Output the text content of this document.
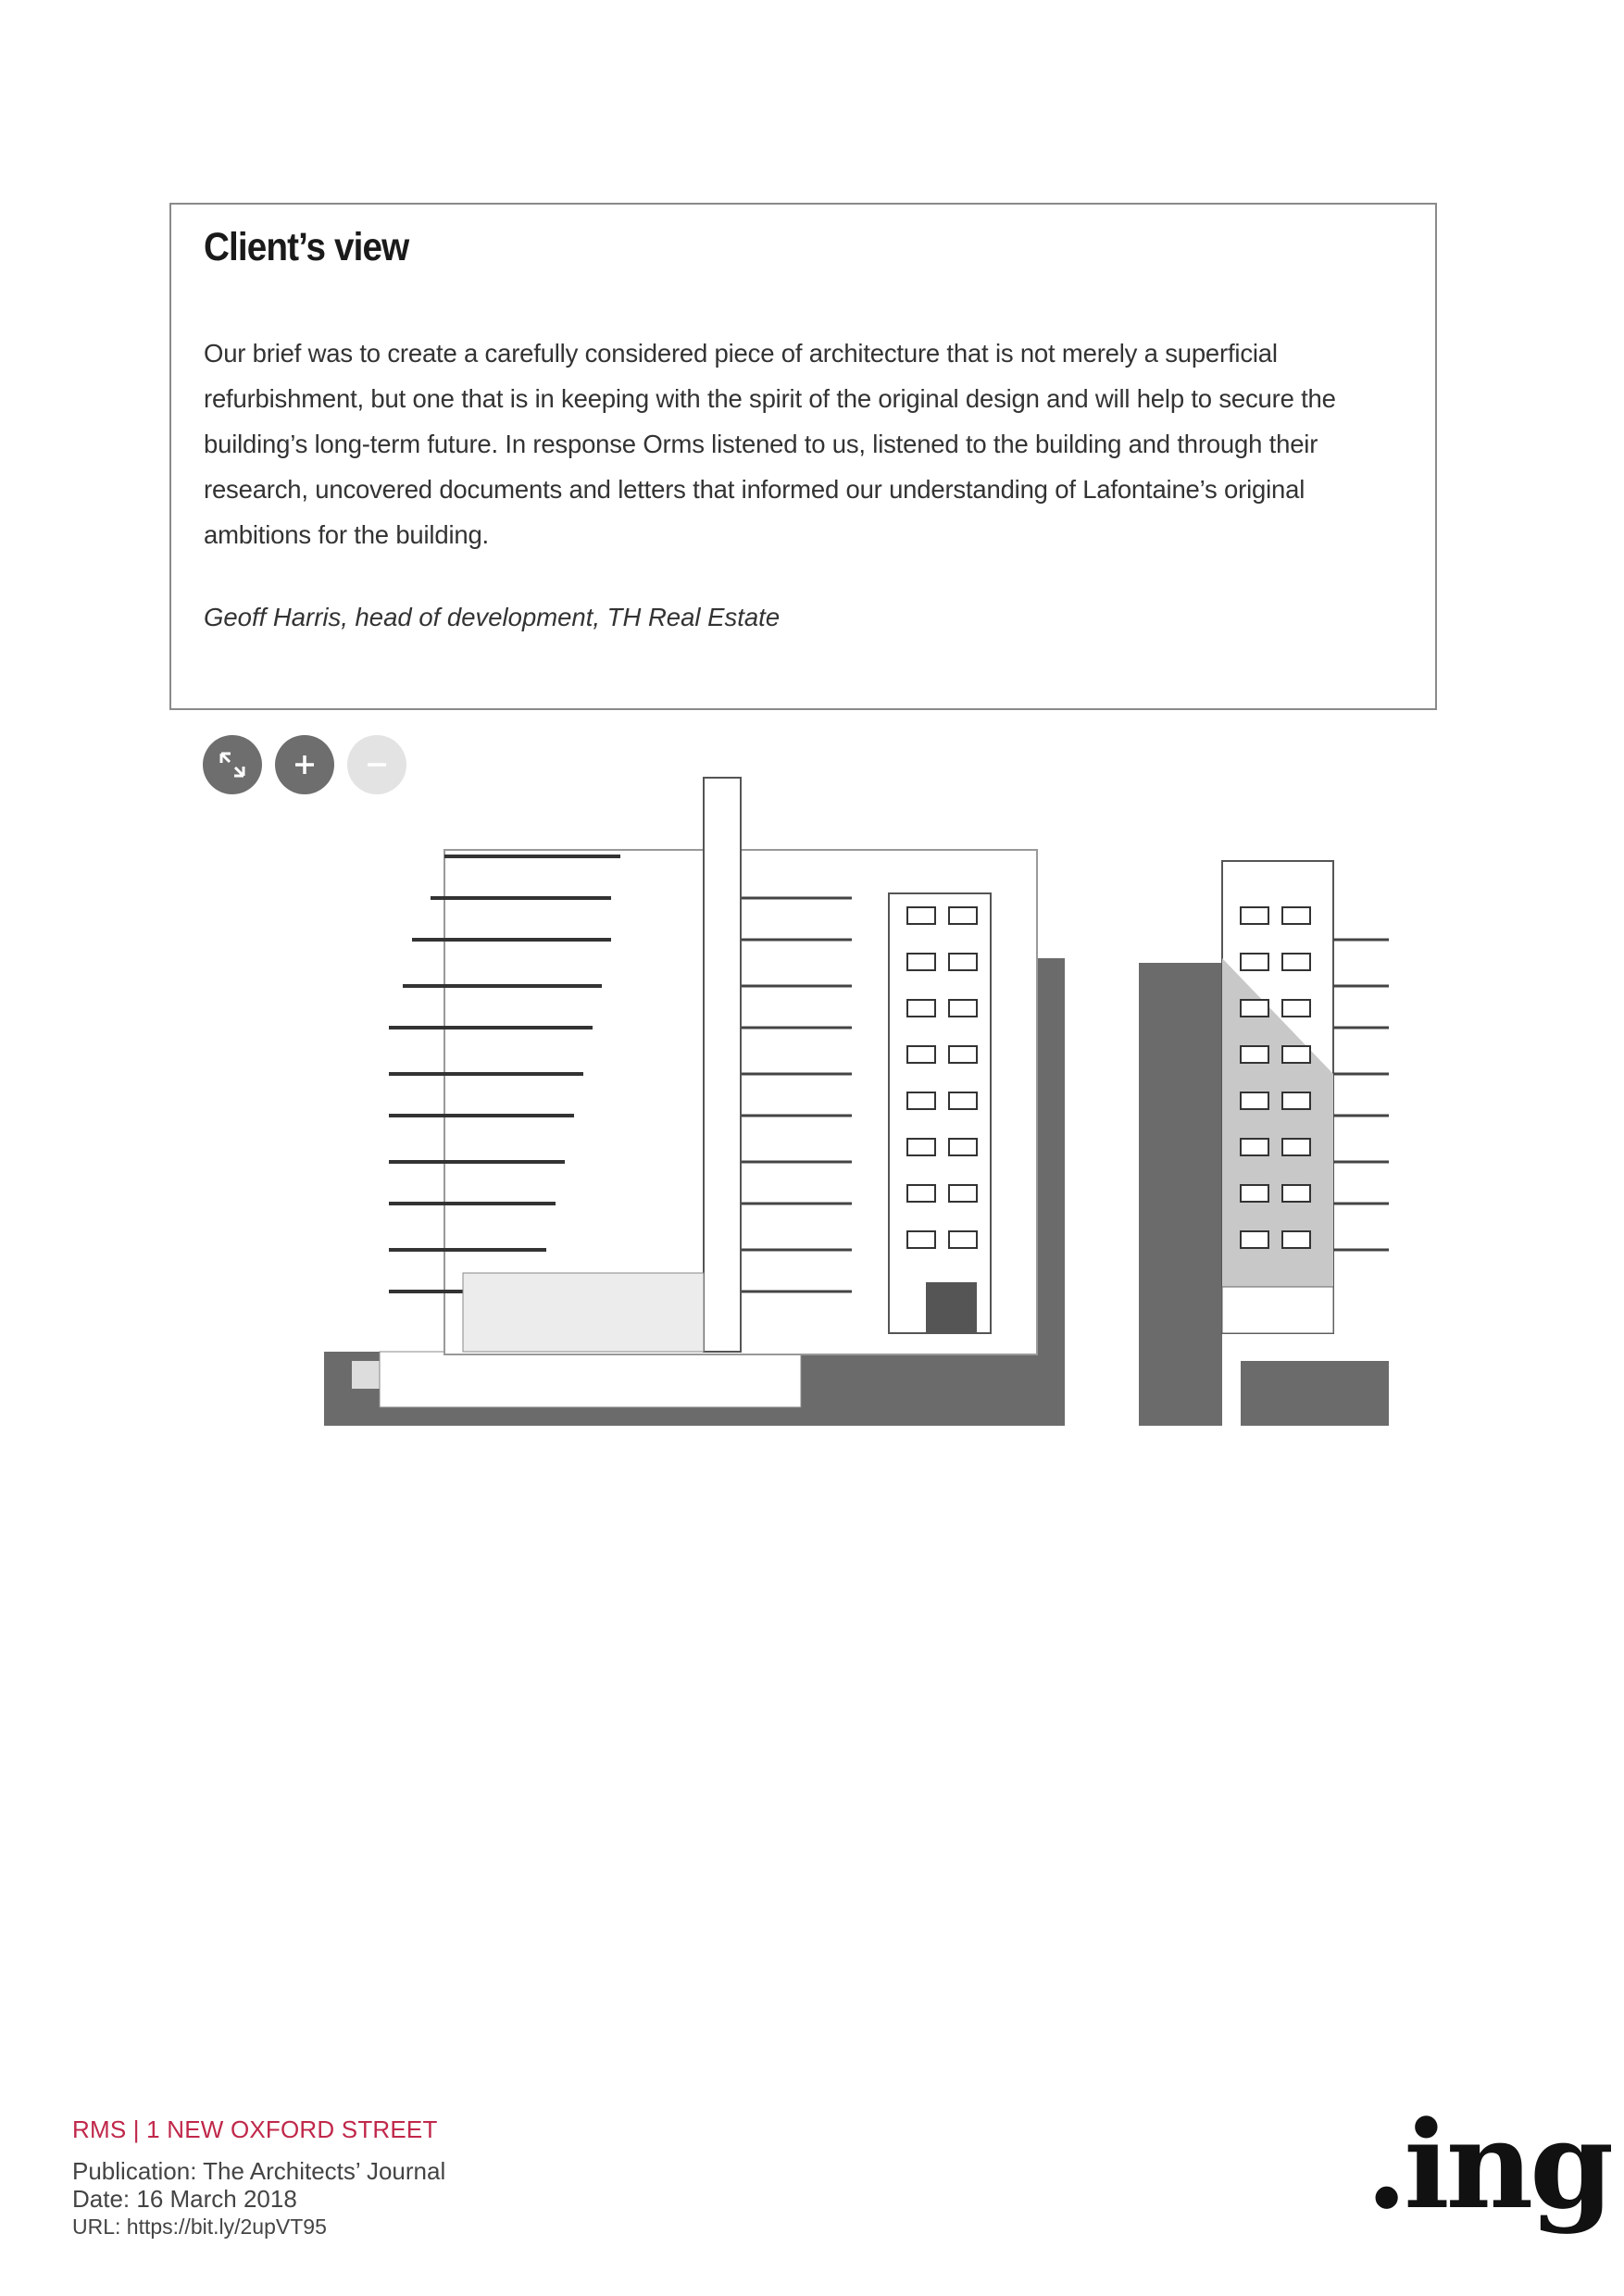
Client’s view

Our brief was to create a carefully considered piece of architecture that is not merely a superficial refurbishment, but one that is in keeping with the spirit of the original design and will help to secure the building’s long-term future. In response Orms listened to us, listened to the building and through their research, uncovered documents and letters that informed our understanding of Lafontaine’s original ambitions for the building.

Geoff Harris, head of development, TH Real Estate

RMS | 1 NEW OXFORD STREET

Publication: The Architects’ Journal

Date: 16 March 2018

URL: https://bit.ly/2upVT95	.ing
